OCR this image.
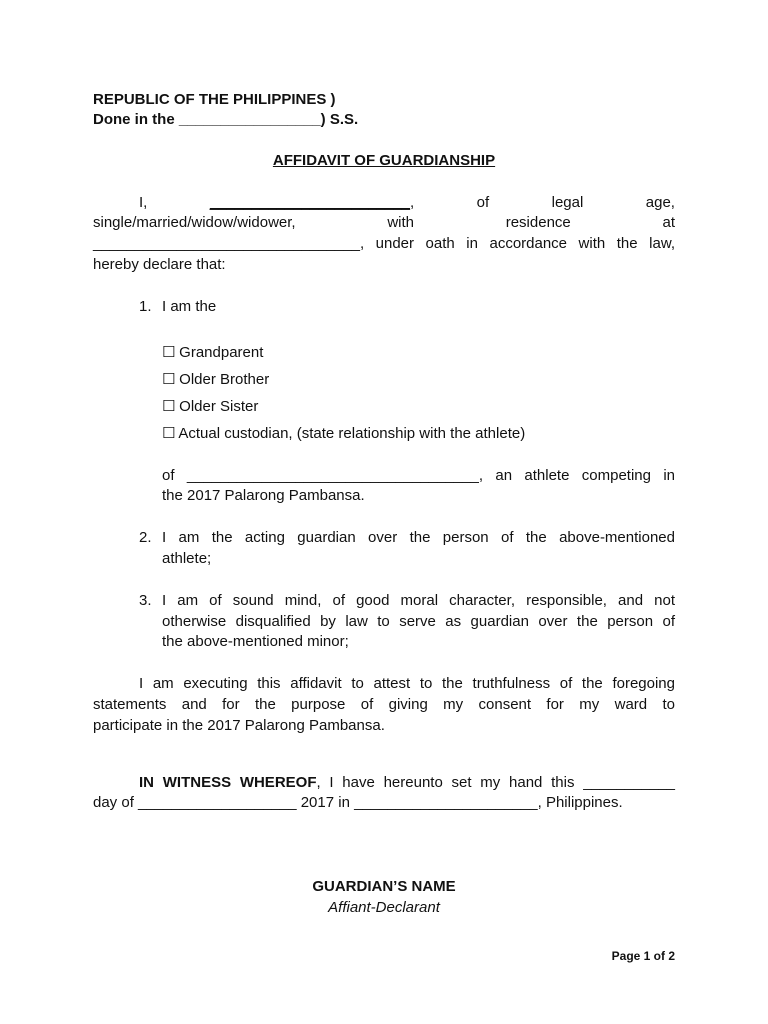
REPUBLIC OF THE PHILIPPINES )
Done in the _________________) S.S.
AFFIDAVIT OF GUARDIANSHIP
I,	________________________,	of	legal	age,
single/married/widow/widower,	with	residence	at
________________________________, under oath in accordance with the law,
hereby declare that:
1. I am the
☐ Grandparent
☐ Older Brother
☐ Older Sister
☐ Actual custodian, (state relationship with the athlete)
of ___________________________________, an athlete competing in
the 2017 Palarong Pambansa.
2. I am the acting guardian over the person of the above-mentioned
athlete;
3. I am of sound mind, of good moral character, responsible, and not
otherwise disqualified by law to serve as guardian over the person of
the above-mentioned minor;
I am executing this affidavit to attest to the truthfulness of the foregoing
statements and for the purpose of giving my consent for my ward to
participate in the 2017 Palarong Pambansa.
IN WITNESS WHEREOF, I have hereunto set my hand this ___________
day of ___________________ 2017 in ______________________, Philippines.
GUARDIAN’S NAME
Affiant-Declarant
Page 1 of 2
